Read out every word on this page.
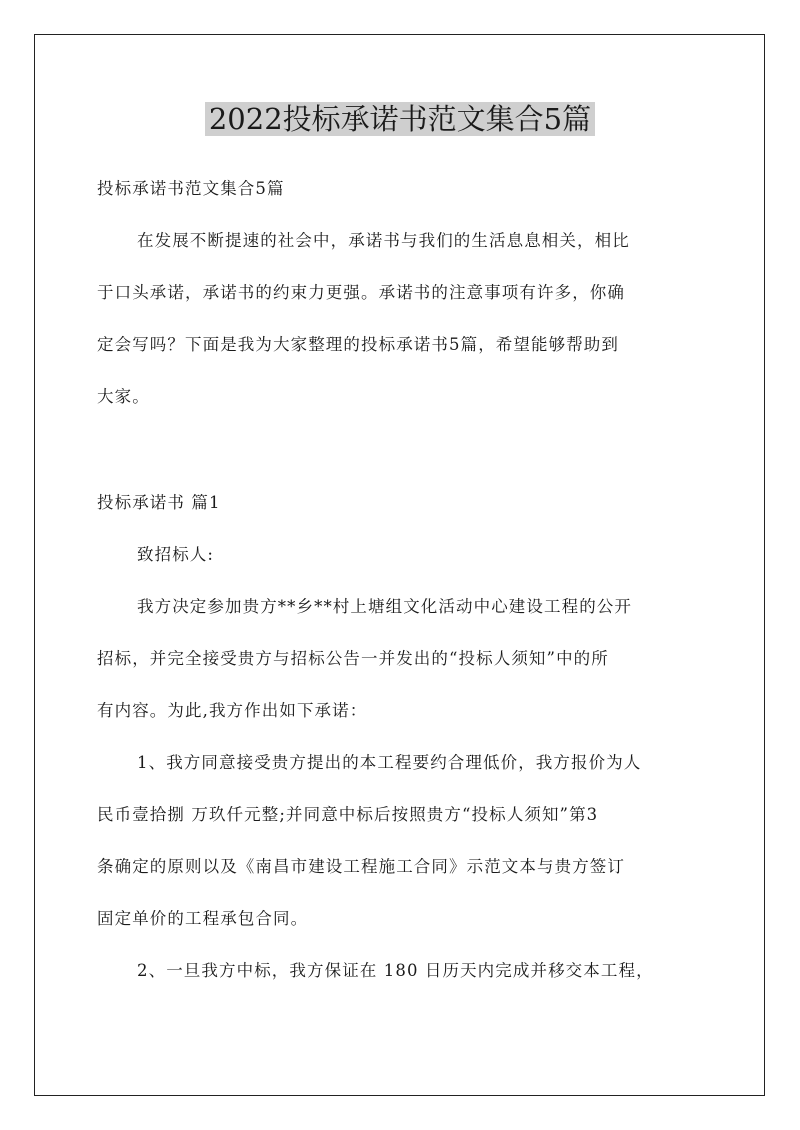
2022投标承诺书范文集合5篇
投标承诺书范文集合5篇
在发展不断提速的社会中，承诺书与我们的生活息息相关，相比
于口头承诺，承诺书的约束力更强。承诺书的注意事项有许多，你确
定会写吗？下面是我为大家整理的投标承诺书5篇，希望能够帮助到
大家。
投标承诺书 篇1
致招标人:
我方决定参加贵方**乡**村上塘组文化活动中心建设工程的公开
招标，并完全接受贵方与招标公告一并发出的“投标人须知”中的所
有内容。为此,我方作出如下承诺：
1、我方同意接受贵方提出的本工程要约合理低价，我方报价为人
民币壹拾捌 万玖仟元整;并同意中标后按照贵方“投标人须知”第3
条确定的原则以及《南昌市建设工程施工合同》示范文本与贵方签订
固定单价的工程承包合同。
2、一旦我方中标，我方保证在 180 日历天内完成并移交本工程，
